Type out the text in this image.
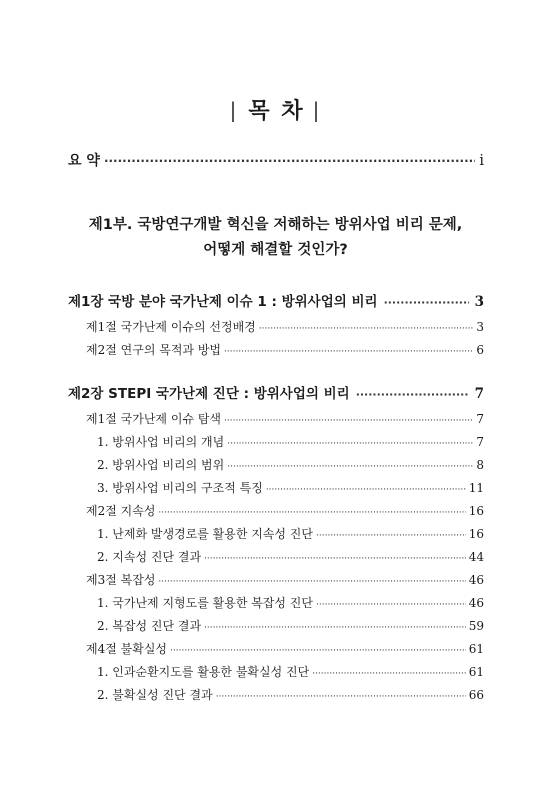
| 목 차 |
요 약 ·····	i
제1부. 국방연구개발 혁신을 저해하는 방위사업 비리 문제,
어떻게 해결할 것인가?
제1장 국방 분야 국가난제 이슈 1 : 방위사업의 비리 ·····	3
제1절 국가난제 이슈의 선정배경 ·····	3
제2절 연구의 목적과 방법 ·····	6
제2장 STEPI 국가난제 진단 : 방위사업의 비리 ·····	7
제1절 국가난제 이슈 탐색 ·····	7
1. 방위사업 비리의 개념 ·····	7
2. 방위사업 비리의 범위 ·····	8
3. 방위사업 비리의 구조적 특징 ·····	11
제2절 지속성 ·····	16
1. 난제화 발생경로를 활용한 지속성 진단 ·····	16
2. 지속성 진단 결과 ·····	44
제3절 복잡성 ·····	46
1. 국가난제 지형도를 활용한 복잡성 진단 ·····	46
2. 복잡성 진단 결과 ·····	59
제4절 불확실성 ·····	61
1. 인과순환지도를 활용한 불확실성 진단 ·····	61
2. 불확실성 진단 결과 ·····	66
